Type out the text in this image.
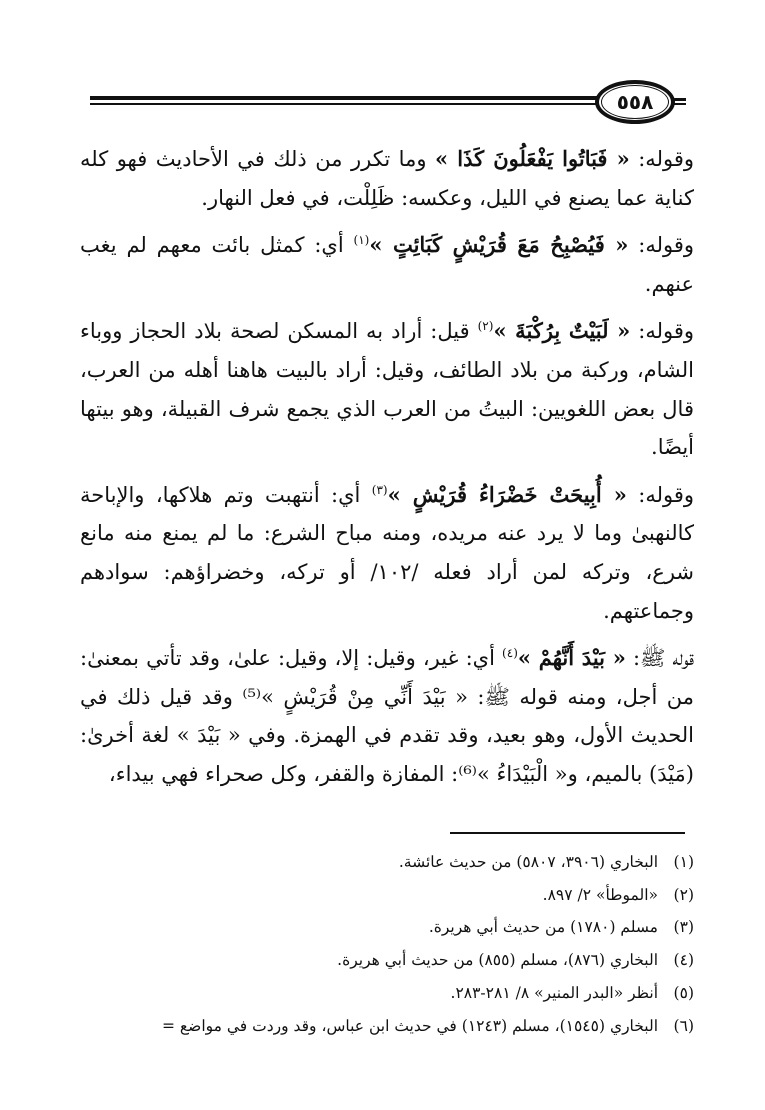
٥٥٨

وقوله: « فَبَاتُوا يَفْعَلُونَ كَذَا » وما تكرر من ذلك في الأحاديث فهو كله كناية عما يصنع في الليل، وعكسه: ظَلِلْت، في فعل النهار.

وقوله: « فَيُصْبِحُ مَعَ قُرَيْشٍ كَبَائِتٍ »$^{(١)}$ أي: كمثل بائت معهم لم يغب عنهم.

وقوله: « لَبَيْتٌ بِرُكْبَةَ »$^{(٢)}$ قيل: أراد به المسكن لصحة بلاد الحجاز ووباء الشام، وركبة من بلاد الطائف، وقيل: أراد بالبيت هاهنا أهله من العرب، قال بعض اللغويين: البيتُ من العرب الذي يجمع شرف القبيلة، وهو بيتها أيضًا.

وقوله: « أُبِيحَتْ خَضْرَاءُ قُرَيْشٍ »$^{(٣)}$ أي: أنتهبت وتم هلاكها، والإباحة كالنهبیٰ وما لا يرد عنه مريده، ومنه مباح الشرع: ما لم يمنع منه مانع شرع، وتركه لمن أراد فعله /١٠٢/ أو تركه، وخضراؤهم: سوادهم وجماعتهم.

قوله ﷺ: « بَيْدَ أَنَّهُمْ »$^{(٤)}$ أي: غير، وقيل: إلا، وقيل: علىٰ، وقد تأتي بمعنىٰ: من أجل، ومنه قوله ﷺ: « بَيْدَ أَنِّي مِنْ قُرَيْشٍ »⁽⁵⁾ وقد قيل ذلك في الحديث الأول، وهو بعيد، وقد تقدم في الهمزة. وفي « بَيْدَ » لغة أخرىٰ: (مَيْدَ) بالميم، و« الْبَيْدَاءُ »⁽⁶⁾: المفازة والقفر، وكل صحراء فهي بيداء،

(١)البخاري (٣٩٠٦، ٥٨٠٧) من حديث عائشة.
(٢)«الموطأ» ٢/ ٨٩٧.
(٣)مسلم (١٧٨٠) من حديث أبي هريرة.
(٤)البخاري (٨٧٦)، مسلم (٨٥٥) من حديث أبي هريرة.
(٥)أنظر «البدر المنير» ٨/ ٢٨١-٢٨٣.
(٦)البخاري (١٥٤٥)، مسلم (١٢٤٣) في حديث ابن عباس، وقد وردت في مواضع =
